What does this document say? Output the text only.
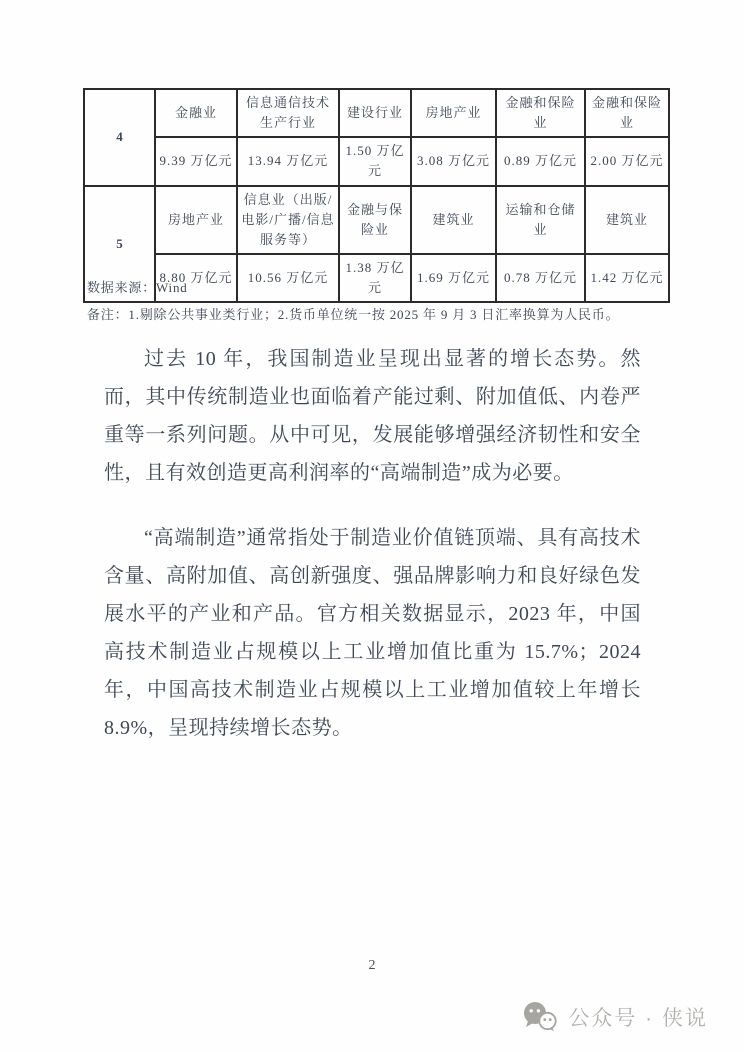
4	金融业	信息通信技术生产行业	建设行业	房地产业	金融和保险业	金融和保险业
	9.39 万亿元	13.94 万亿元	1.50 万亿元	3.08 万亿元	0.89 万亿元	2.00 万亿元
5	房地产业	信息业（出版/电影/广播/信息服务等）	金融与保险业	建筑业	运输和仓储业	建筑业
	8.80 万亿元	10.56 万亿元	1.38 万亿元	1.69 万亿元	0.78 万亿元	1.42 万亿元
数据来源：Wind
备注：1.剔除公共事业类行业；2.货币单位统一按 2025 年 9 月 3 日汇率换算为人民币。

过去 10 年，我国制造业呈现出显著的增长态势。然而，其中传统制造业也面临着产能过剩、附加值低、内卷严重等一系列问题。从中可见，发展能够增强经济韧性和安全性，且有效创造更高利润率的“高端制造”成为必要。

“高端制造”通常指处于制造业价值链顶端、具有高技术含量、高附加值、高创新强度、强品牌影响力和良好绿色发展水平的产业和产品。官方相关数据显示，2023 年，中国高技术制造业占规模以上工业增加值比重为 15.7%；2024 年，中国高技术制造业占规模以上工业增加值较上年增长 8.9%，呈现持续增长态势。

2
公众号 · 侠说
